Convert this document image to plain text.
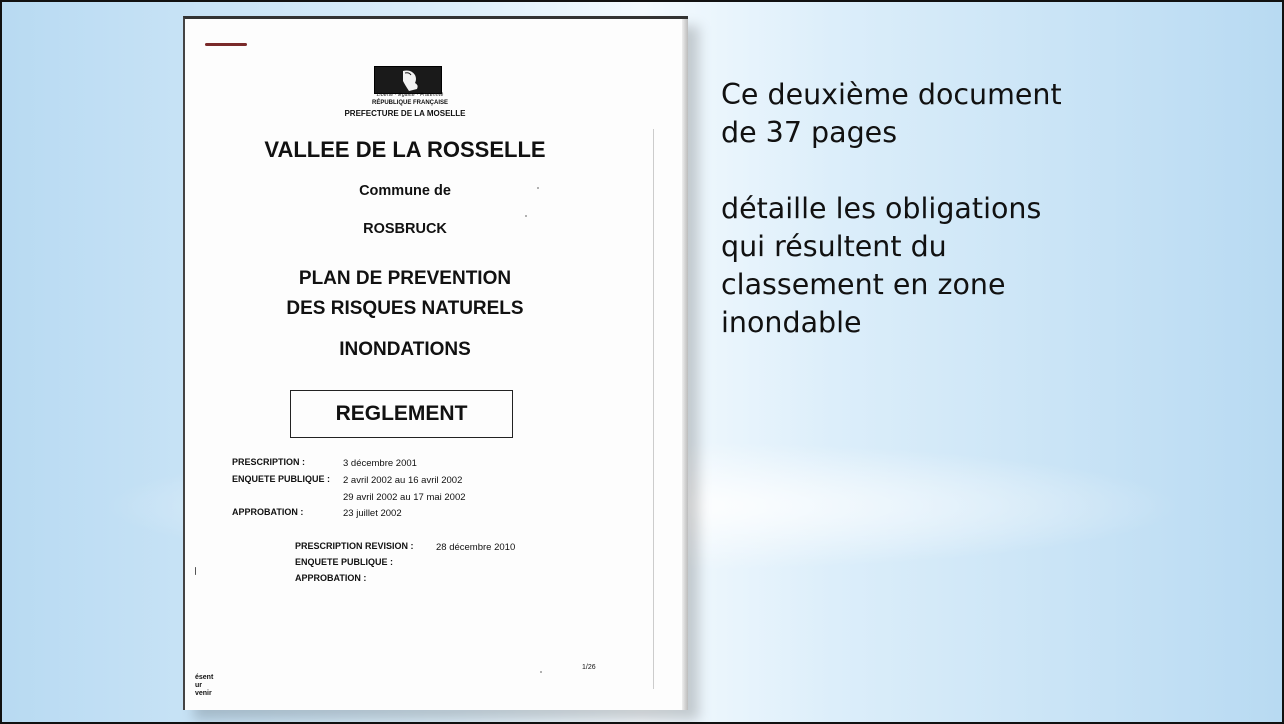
Liberté · Égalité · Fraternité
RÉPUBLIQUE FRANÇAISE
PREFECTURE DE LA MOSELLE
VALLEE DE LA ROSSELLE
Commune de
ROSBRUCK
PLAN DE PREVENTION
DES RISQUES NATURELS
INONDATIONS
REGLEMENT
PRESCRIPTION :	3 décembre 2001
ENQUETE PUBLIQUE : 2 avril 2002 au 16 avril 2002
29 avril 2002 au 17 mai 2002
APPROBATION :	23 juillet 2002
PRESCRIPTION REVISION : 28 décembre 2010
ENQUETE PUBLIQUE :
APPROBATION :
1/26
ésent
ur
venir

Ce deuxième document

de 37 pages

détaille les obligations

qui résultent du

classement en zone

inondable
